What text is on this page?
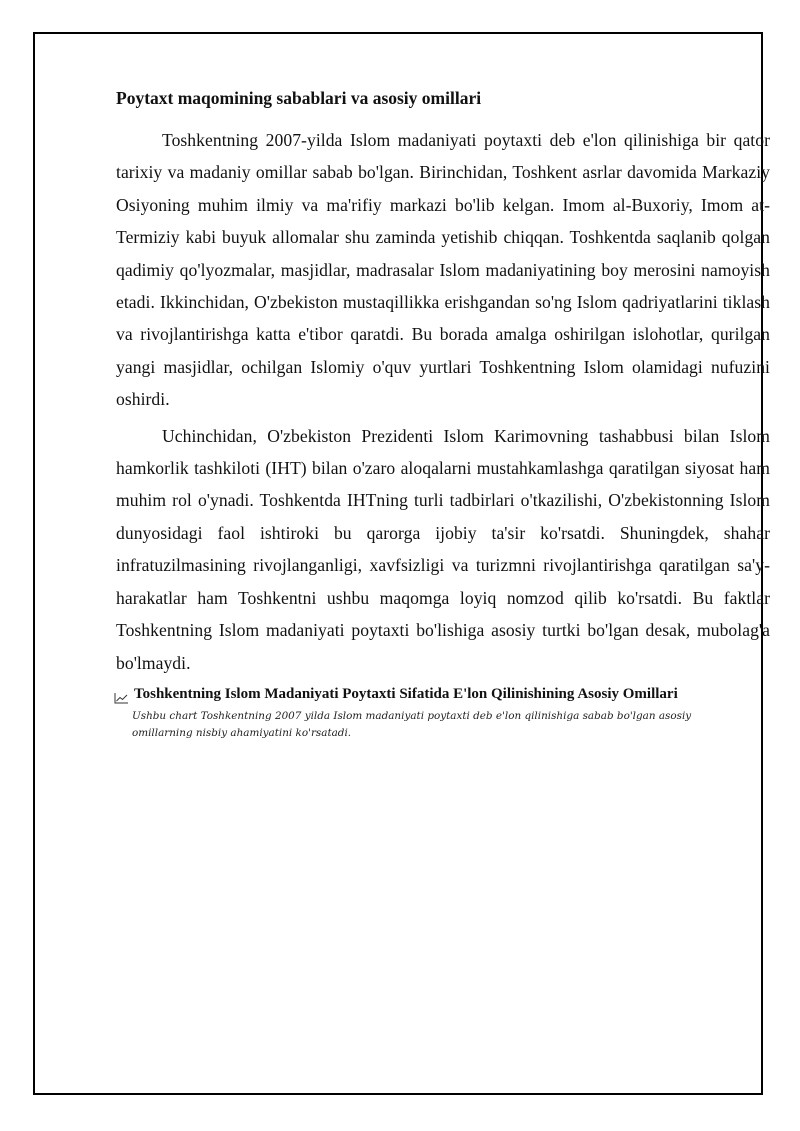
Poytaxt maqomining sabablari va asosiy omillari

Toshkentning 2007-yilda Islom madaniyati poytaxti deb e'lon qilinishiga bir qator tarixiy va madaniy omillar sabab bo'lgan. Birinchidan, Toshkent asrlar davomida Markaziy Osiyoning muhim ilmiy va ma'rifiy markazi bo'lib kelgan. Imom al-Buxoriy, Imom at-Termiziy kabi buyuk allomalar shu zaminda yetishib chiqqan. Toshkentda saqlanib qolgan qadimiy qo'lyozmalar, masjidlar, madrasalar Islom madaniyatining boy merosini namoyish etadi. Ikkinchidan, O'zbekiston mustaqillikka erishgandan so'ng Islom qadriyatlarini tiklash va rivojlantirishga katta e'tibor qaratdi. Bu borada amalga oshirilgan islohotlar, qurilgan yangi masjidlar, ochilgan Islomiy o'quv yurtlari Toshkentning Islom olamidagi nufuzini oshirdi.

Uchinchidan, O'zbekiston Prezidenti Islom Karimovning tashabbusi bilan Islom hamkorlik tashkiloti (IHT) bilan o'zaro aloqalarni mustahkamlashga qaratilgan siyosat ham muhim rol o'ynadi. Toshkentda IHTning turli tadbirlari o'tkazilishi, O'zbekistonning Islom dunyosidagi faol ishtiroki bu qarorga ijobiy ta'sir ko'rsatdi. Shuningdek, shahar infratuzilmasining rivojlanganligi, xavfsizligi va turizmni rivojlantirishga qaratilgan sa'y-harakatlar ham Toshkentni ushbu maqomga loyiq nomzod qilib ko'rsatdi. Bu faktlar Toshkentning Islom madaniyati poytaxti bo'lishiga asosiy turtki bo'lgan desak, mubolag'a bo'lmaydi.

Toshkentning Islom Madaniyati Poytaxti Sifatida E'lon Qilinishining Asosiy Omillari
Ushbu chart Toshkentning 2007 yilda Islom madaniyati poytaxti deb e'lon qilinishiga sabab bo'lgan asosiy omillarning nisbiy ahamiyatini ko'rsatadi.
